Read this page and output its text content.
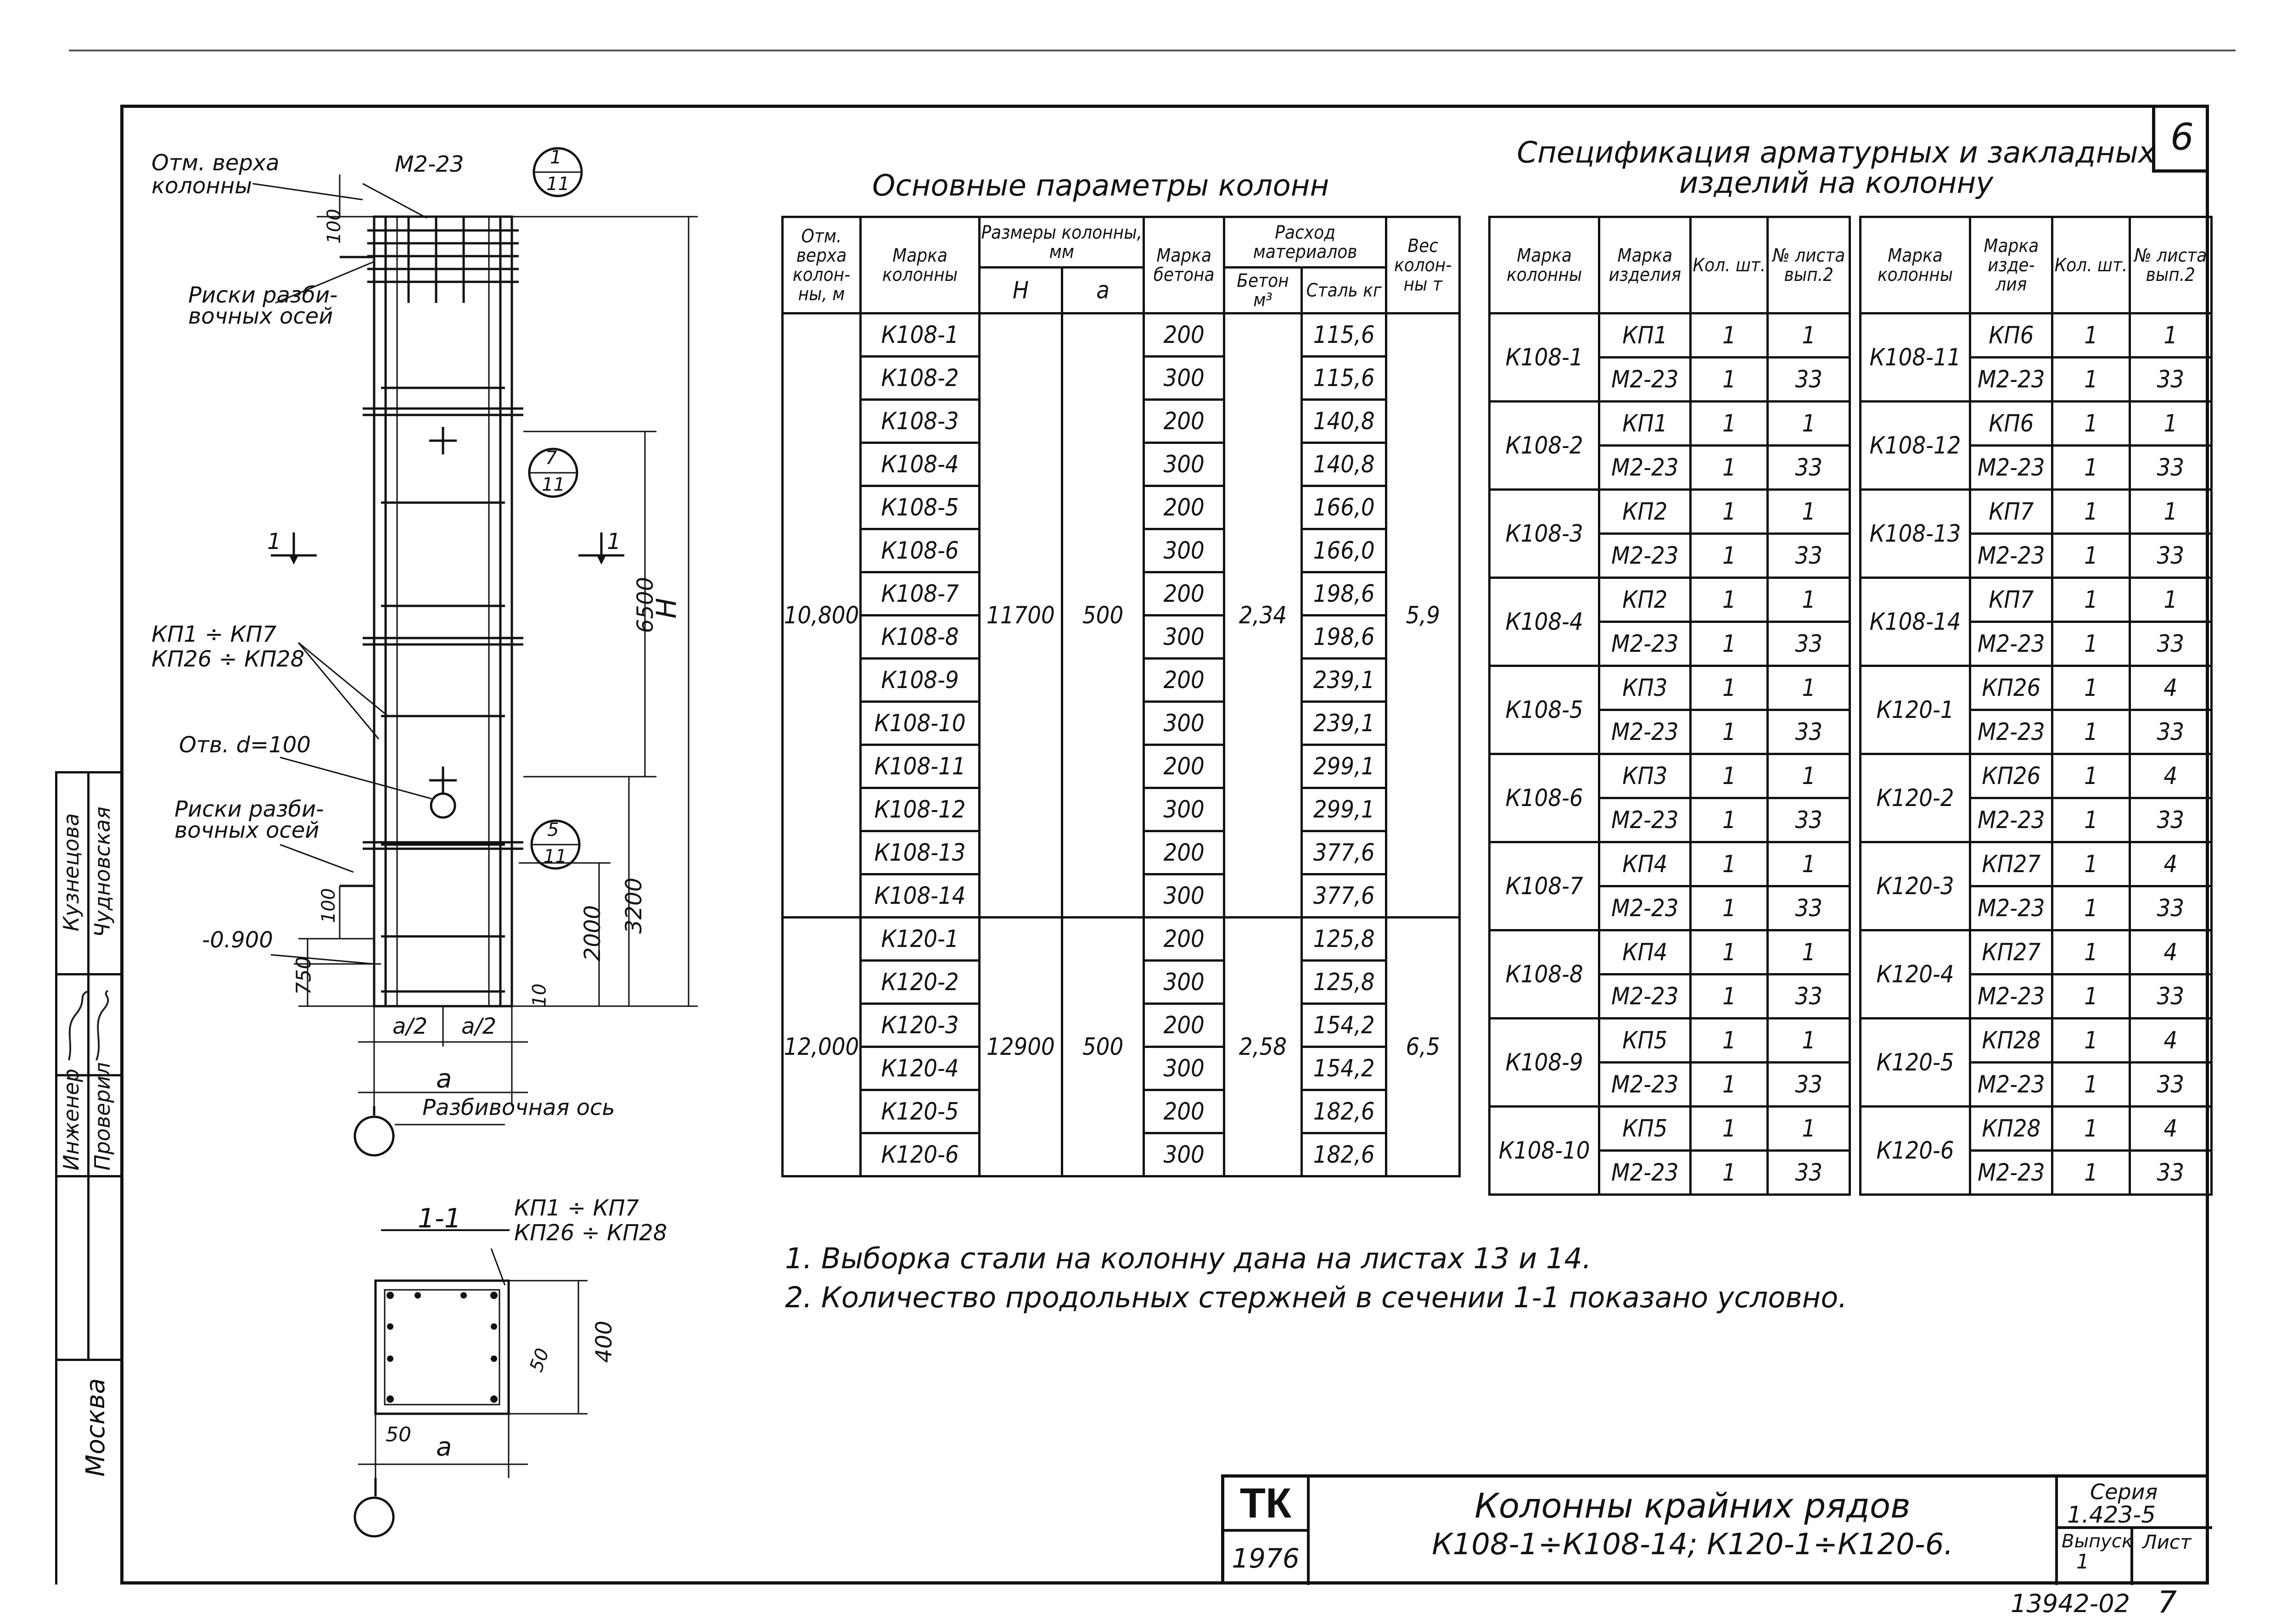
6
Кузнецова Чудновская
Инженер Проверил
Москва
Отм. верха
колонны
М2-23	1
11
100
Риски разби-
вочных осей
7
11
1	1
6500
H
КП1 ÷ КП7
КП26 ÷ КП28
Отв. d=100
Риски разби-
вочных осей	5
11
100	2000 3200
-0.900
750
10
a/2 a/2
a
Разбивочная ось
1-1 КП1 ÷ КП7
КП26 ÷ КП28
50 400
50 a
Основные параметры колонн
Отм. верха колон- ны, м	Марка колонны	Размеры колонны, мм		Марка бетона	Расход материалов		Вес колон- ны т
		H	a		Бетон м³	Сталь кг	
10,800	К108-1	11700	500	200	2,34	115,6	5,9
	К108-2			300		115,6	
	К108-3			200		140,8	
	К108-4			300		140,8	
	К108-5			200		166,0	
	К108-6			300		166,0	
	К108-7			200		198,6	
	К108-8			300		198,6	
	К108-9			200		239,1	
	К108-10			300		239,1	
	К108-11			200		299,1	
	К108-12			300		299,1	
	К108-13			200		377,6	
	К108-14			300		377,6	
12,000	К120-1	12900	500	200	2,58	125,8	6,5
	К120-2			300		125,8	
	К120-3			200		154,2	
	К120-4			300		154,2	
	К120-5			200		182,6	
	К120-6			300		182,6	
Спецификация арматурных и закладных
изделий на колонну
Марка колонны	Марка изделия	Кол. шт.	№ листа вып.2
К108-1	КП1	1	1
	М2-23	1	33
К108-2	КП1	1	1
	М2-23	1	33
К108-3	КП2	1	1
	М2-23	1	33
К108-4	КП2	1	1
	М2-23	1	33
К108-5	КП3	1	1
	М2-23	1	33
К108-6	КП3	1	1
	М2-23	1	33
К108-7	КП4	1	1
	М2-23	1	33
К108-8	КП4	1	1
	М2-23	1	33
К108-9	КП5	1	1
	М2-23	1	33
К108-10	КП5	1	1
	М2-23	1	33
Марка колонны	Марка изде- лия	Кол. шт.	№ листа вып.2
К108-11	КП6	1	1
	М2-23	1	33
К108-12	КП6	1	1
	М2-23	1	33
К108-13	КП7	1	1
	М2-23	1	33
К108-14	КП7	1	1
	М2-23	1	33
К120-1	КП26	1	4
	М2-23	1	33
К120-2	КП26	1	4
	М2-23	1	33
К120-3	КП27	1	4
	М2-23	1	33
К120-4	КП27	1	4
	М2-23	1	33
К120-5	КП28	1	4
	М2-23	1	33
К120-6	КП28	1	4
	М2-23	1	33
1. Выборка стали на колонну дана на листах 13 и 14.
2. Количество продольных стержней в сечении 1-1 показано условно.
ТК
1976
Колонны крайних рядов
К108-1÷К108-14; К120-1÷К120-6.
Серия
1.423-5
Выпуск
1
Лист
13942-02 7
